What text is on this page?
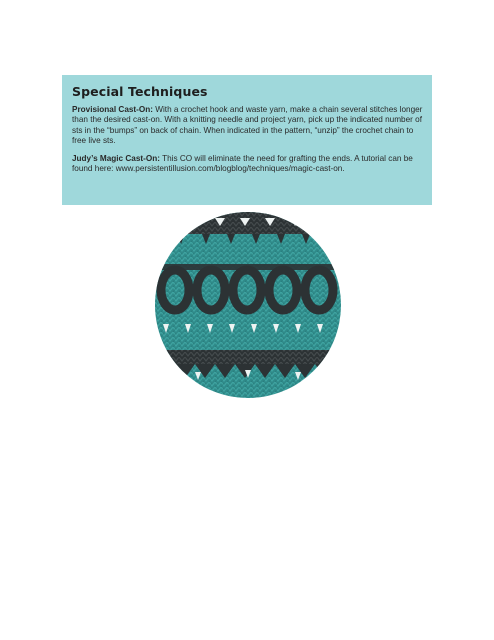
Special Techniques

Provisional Cast-On: With a crochet hook and waste yarn, make a chain several stitches longer than the desired cast-on. With a knitting needle and project yarn, pick up the indicated number of sts in the “bumps” on back of chain. When indicated in the pattern, “unzip” the crochet chain to free live sts.

Judy’s Magic Cast-On: This CO will eliminate the need for grafting the ends. A tutorial can be found here: www.persistentillusion.com/blogblog/techniques/magic-cast-on.
